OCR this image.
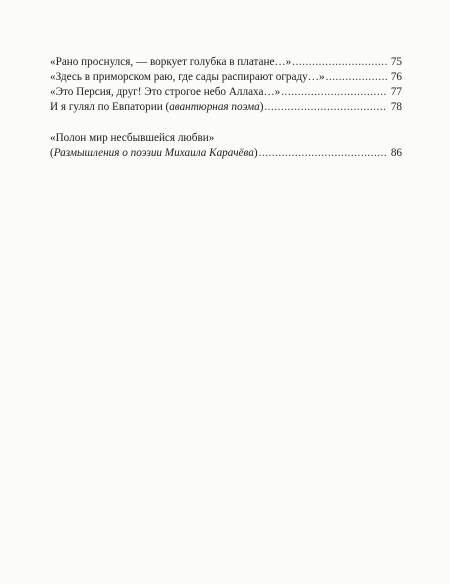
«Рано проснулся, — воркует голубка в платане…» .....	75
«Здесь в приморском раю, где сады распирают ограду…» .....	76
«Это Персия, друг! Это строгое небо Аллаха…» .....	77
И я гулял по Евпатории (авантюрная поэма) .....	78
«Полон мир несбывшейся любви»
(Размышления о поэзии Михаила Карачёва) .....	86
